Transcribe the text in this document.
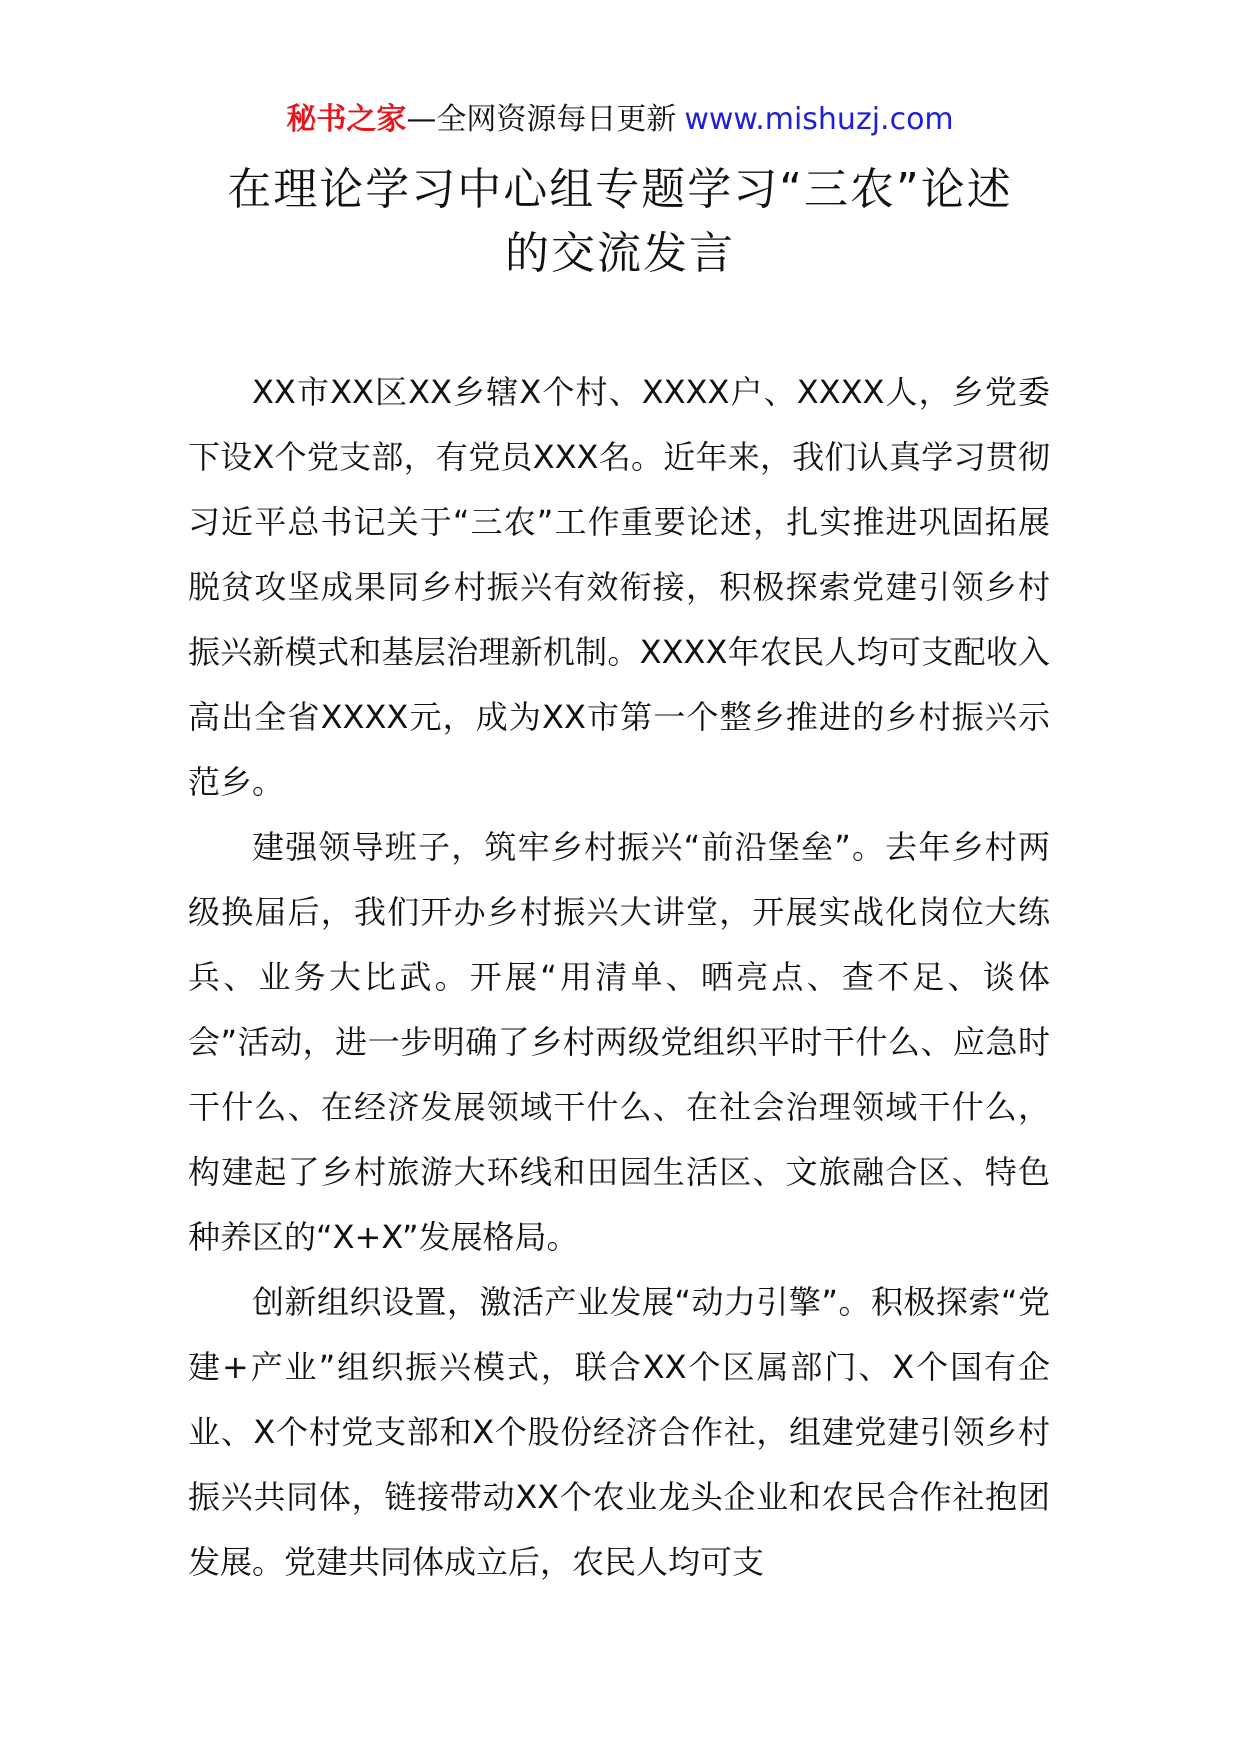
秘书之家—全网资源每日更新 www.mishuzj.com
在理论学习中心组专题学习“三农”论述
的交流发言

XX市XX区XX乡辖X个村、XXXX户、XXXX人，乡党委下设X个党支部，有党员XXX名。近年来，我们认真学习贯彻习近平总书记关于“三农”工作重要论述，扎实推进巩固拓展脱贫攻坚成果同乡村振兴有效衔接，积极探索党建引领乡村振兴新模式和基层治理新机制。XXXX年农民人均可支配收入高出全省XXXX元，成为XX市第一个整乡推进的乡村振兴示范乡。

建强领导班子，筑牢乡村振兴“前沿堡垒”。去年乡村两级换届后，我们开办乡村振兴大讲堂，开展实战化岗位大练兵、业务大比武。开展“用清单、晒亮点、查不足、谈体会”活动，进一步明确了乡村两级党组织平时干什么、应急时干什么、在经济发展领域干什么、在社会治理领域干什么，构建起了乡村旅游大环线和田园生活区、文旅融合区、特色种养区的“X+X”发展格局。

创新组织设置，激活产业发展“动力引擎”。积极探索“党建+产业”组织振兴模式，联合XX个区属部门、X个国有企业、X个村党支部和X个股份经济合作社，组建党建引领乡村振兴共同体，链接带动XX个农业龙头企业和农民合作社抱团发展。党建共同体成立后，农民人均可支
